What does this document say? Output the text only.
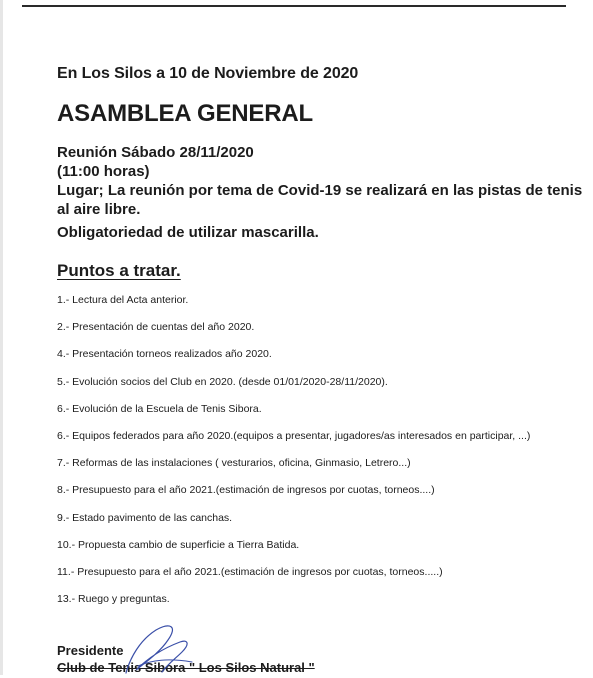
En Los Silos a 10 de Noviembre de 2020
ASAMBLEA GENERAL
Reunión Sábado 28/11/2020
(11:00 horas)
Lugar; La reunión por tema de Covid-19 se realizará en las pistas de tenis
al aire libre.
Obligatoriedad de utilizar mascarilla.
Puntos a tratar.
1.- Lectura del Acta anterior.
2.- Presentación de cuentas del año 2020.
4.- Presentación torneos realizados año 2020.
5.- Evolución socios del Club en 2020. (desde 01/01/2020-28/11/2020).
6.- Evolución de la Escuela de Tenis Sibora.
6.- Equipos federados para año 2020.(equipos a presentar, jugadores/as interesados en participar, ...)
7.- Reformas de las instalaciones ( vesturarios, oficina, Ginmasio, Letrero...)
8.- Presupuesto para el año 2021.(estimación de ingresos por cuotas, torneos....)
9.- Estado pavimento de las canchas.
10.- Propuesta cambio de superficie a Tierra Batida.
11.- Presupuesto para el año 2021.(estimación de ingresos por cuotas, torneos.....)
13.- Ruego y preguntas.
Presidente
Club de Tenis Sibora " Los Silos Natural "
